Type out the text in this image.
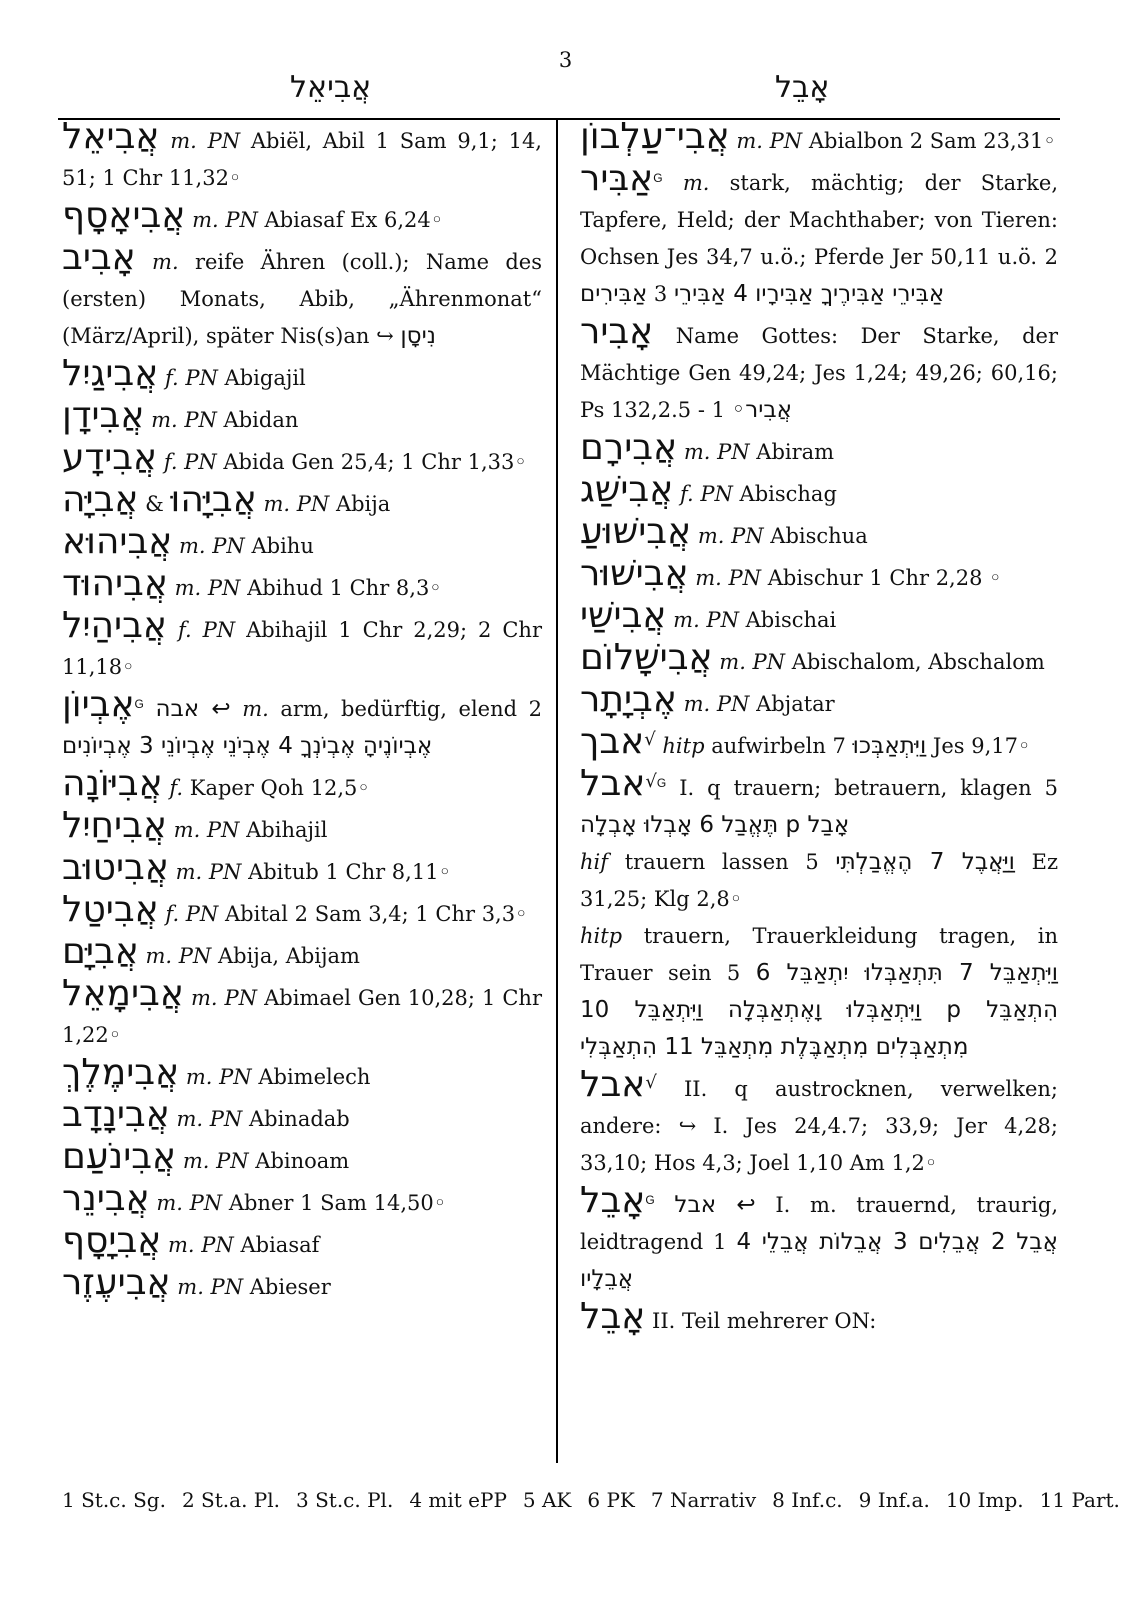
3
אֲבִיאֵל	אָבֵל

אֲבִיאֵל m. PN Abiël, Abil 1 Sam 9,1; 14, 51; 1 Chr 11,32◦

אֲבִיאָסָף m. PN Abiasaf Ex 6,24◦

אָבִיב m. reife Ähren (coll.); Name des (ersten) Monats, Abib, „Ährenmonat“ (März/April), später Nis(s)an ↪ נִיסָן

אֲבִיגַיִל f. PN Abigajil

אֲבִידָן m. PN Abidan

אֲבִידָע f. PN Abida Gen 25,4; 1 Chr 1,33◦

אֲבִיָּה & אֲבִיָּהוּ m. PN Abija

אֲבִיהוּא m. PN Abihu

אֲבִיהוּד m. PN Abihud 1 Chr 8,3◦

אֲבִיהַיִל f. PN Abihajil 1 Chr 2,29; 2 Chr 11,18◦

אֶבְיוֹן$^G$ ↩ אבה m. arm, bedürftig, elend 2 אֶבְיוֹנֶיהָ אֶבְיֹנְךָ 4 אֶבְיֹנֵי אֶבְיוֹנֵי 3 אֶבְיוֹנִים

אֲבִיּוֹנָה f. Kaper Qoh 12,5◦

אֲבִיחַיִל m. PN Abihajil

אֲבִיטוּב m. PN Abitub 1 Chr 8,11◦

אֲבִיטַל f. PN Abital 2 Sam 3,4; 1 Chr 3,3◦

אֲבִיָּם m. PN Abija, Abijam

אֲבִימָאֵל m. PN Abimael Gen 10,28; 1 Chr 1,22◦

אֲבִימֶלֶךְ m. PN Abimelech

אֲבִינָדָב m. PN Abinadab

אֲבִינֹעַם m. PN Abinoam

אֲבִינֵר m. PN Abner 1 Sam 14,50◦

אֲבִיָסָף m. PN Abiasaf

אֲבִיעֶזֶר m. PN Abieser

אֲבִי־עַלְבוֹן m. PN Abialbon 2 Sam 23,31◦

אַבִּיר$^G$ m. stark, mächtig; der Starke, Tapfere, Held; der Machthaber; von Tieren: Ochsen Jes 34,7 u.ö.; Pferde Jer 50,11 u.ö. 2 אַבִּירִים 3 אַבִּירֵי אַבִּירֶיךָ אַבִּירָיו 4 אַבִּירֵי

אָבִיר Name Gottes: Der Starke, der Mächtige Gen 49,24; Jes 1,24; 49,26; 60,16; Ps 132,2.5 - 1 אֲבִיר◦

אֲבִירָם m. PN Abiram

אֲבִישַׁג f. PN Abischag

אֲבִישׁוּעַ m. PN Abischua

אֲבִישׁוּר m. PN Abischur 1 Chr 2,28 ◦

אֲבִישַׁי m. PN Abischai

אֲבִישָׁלוֹם m. PN Abischalom, Abschalom

אֶבְיָתָר m. PN Abjatar

אבך√ hitp aufwirbeln 7 וַיִּתְאַבְּכוּ Jes 9,17◦

אבל√$^G$ I. q trauern; betrauern, klagen 5 אָבַל p תֶּאֱבַל 6 אָבְלוּ אָבְלָה

hif trauern lassen 5 וַיַּאֲבֶל 7 הֶאֱבַלְתִּי Ez 31,25; Klg 2,8◦

hitp trauern, Trauerkleidung tragen, in Trauer sein 5 וַיִּתְאַבֵּל 7 תִּתְאַבְּלוּ יִתְאַבֵּל 6 הִתְאַבֵּל p וַיִּתְאַבְּלוּ וָאֶתְאַבְּלָה וַיִּתְאַבֵּל 10 מִתְאַבְּלִים מִתְאַבֶּלֶת מִתְאַבֵּל 11 הִתְאַבְּלִי

אבל√ II. q austrocknen, verwelken; andere: ↪ I. Jes 24,4.7; 33,9; Jer 4,28; 33,10; Hos 4,3; Joel 1,10 Am 1,2◦

אָבֵל$^G$ ↩ אבל I. m. trauernd, traurig, leidtragend 1 אֲבֵל 2 אֲבֵלִים 3 אֲבֵלוֹת אֲבֵלֵי 4 אֲבֵלָיו

אָבֵל II. Teil mehrerer ON:

1 St.c. Sg. 2 St.a. Pl. 3 St.c. Pl. 4 mit ePP 5 AK 6 PK 7 Narrativ 8 Inf.c. 9 Inf.a. 10 Imp. 11 Part.
